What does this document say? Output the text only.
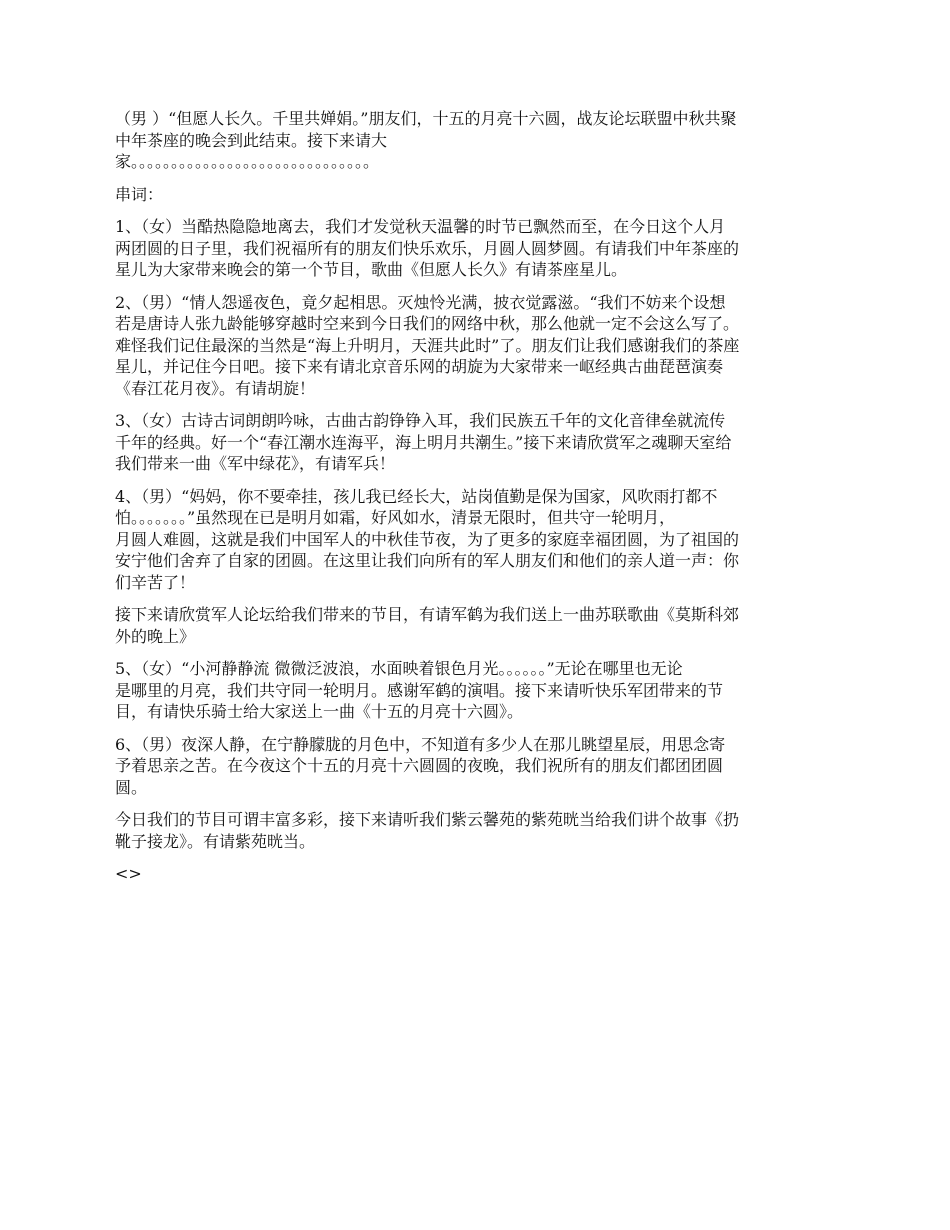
（男 ）“但愿人长久。千里共婵娟。”朋友们，十五的月亮十六圆，战友论坛联盟中秋共聚
中年茶座的晚会到此结束。接下来请大
家。。。。。。。。。。。。。。。。。。。。。。。。。。。。。。
串词：
1、（女）当酷热隐隐地离去，我们才发觉秋天温馨的时节已飘然而至，在今日这个人月
两团圆的日子里，我们祝福所有的朋友们快乐欢乐，月圆人圆梦圆。有请我们中年茶座的
星儿为大家带来晚会的第一个节目，歌曲《但愿人长久》有请茶座星儿。
2、（男）“情人怨遥夜色，竟夕起相思。灭烛怜光满，披衣觉露滋。“我们不妨来个设想
若是唐诗人张九龄能够穿越时空来到今日我们的网络中秋，那么他就一定不会这么写了。
难怪我们记住最深的当然是“海上升明月，天涯共此时”了。朋友们让我们感谢我们的茶座
星儿，并记住今日吧。接下来有请北京音乐网的胡旋为大家带来一岖经典古曲琵琶演奏
《春江花月夜》。有请胡旋！
3、（女）古诗古词朗朗吟咏，古曲古韵铮铮入耳，我们民族五千年的文化音律垒就流传
千年的经典。好一个“春江潮水连海平，海上明月共潮生。”接下来请欣赏军之魂聊天室给
我们带来一曲《军中绿花》，有请军兵！
4、（男）“妈妈，你不要牵挂，孩儿我已经长大，站岗值勤是保为国家，风吹雨打都不
怕。。。。。。。”虽然现在已是明月如霜，好风如水，清景无限时，但共守一轮明月，
月圆人难圆，这就是我们中国军人的中秋佳节夜，为了更多的家庭幸福团圆，为了祖国的
安宁他们舍弃了自家的团圆。在这里让我们向所有的军人朋友们和他们的亲人道一声：你
们辛苦了！
接下来请欣赏军人论坛给我们带来的节目，有请军鹤为我们送上一曲苏联歌曲《莫斯科郊
外的晚上》
5、（女）“小河静静流 微微泛波浪，水面映着银色月光。。。。。。”无论在哪里也无论
是哪里的月亮，我们共守同一轮明月。感谢军鹤的演唱。接下来请听快乐军团带来的节
目，有请快乐骑士给大家送上一曲《十五的月亮十六圆》。
6、（男）夜深人静，在宁静朦胧的月色中，不知道有多少人在那儿眺望星辰，用思念寄
予着思亲之苦。在今夜这个十五的月亮十六圆圆的夜晚，我们祝所有的朋友们都团团圆
圆。
今日我们的节目可谓丰富多彩，接下来请听我们紫云馨苑的紫苑晄当给我们讲个故事《扔
靴子接龙》。有请紫苑晄当。
<>
